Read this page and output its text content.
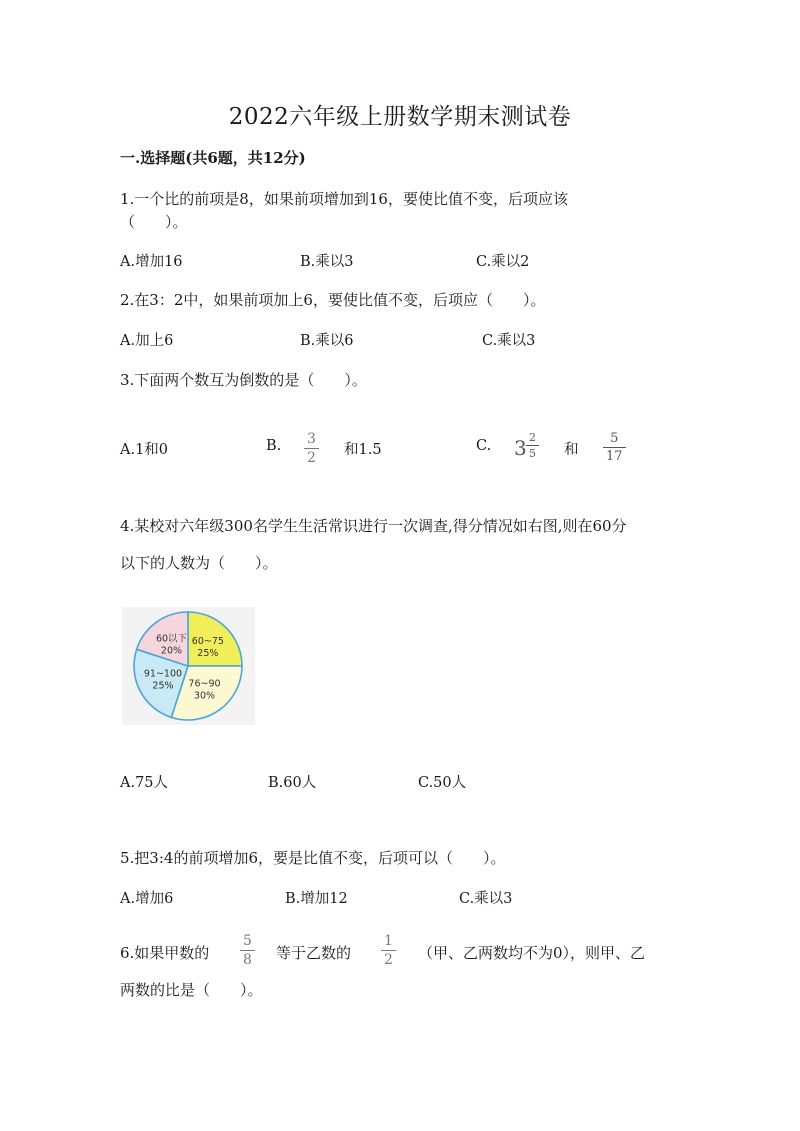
2022六年级上册数学期末测试卷
一.选择题(共6题，共12分)
1.一个比的前项是8，如果前项增加到16，要使比值不变，后项应该
（　　）。
A.增加16	B.乘以3	C.乘以2
2.在3：2中，如果前项加上6，要使比值不变，后项应（　　）。
A.加上6	B.乘以6	C.乘以3
3.下面两个数互为倒数的是（　　）。
A.1和0	B. $\frac{3}{2}$ 和1.5	C. $3 \frac{2}{5}$ 和 $\frac{5}{17}$
4.某校对六年级300名学生生活常识进行一次调查,得分情况如右图,则在60分
以下的人数为（　　）。
60~75
25%
76~90
30%
91~100
25%
60以下
20%
A.75人	B.60人	C.50人
5.把3:4的前项增加6，要是比值不变，后项可以（　　）。
A.增加6	B.增加12	C.乘以3
6.如果甲数的 $\frac{5}{8}$ 等于乙数的 $\frac{1}{2}$ （甲、乙两数均不为0），则甲、乙
两数的比是（　　）。
